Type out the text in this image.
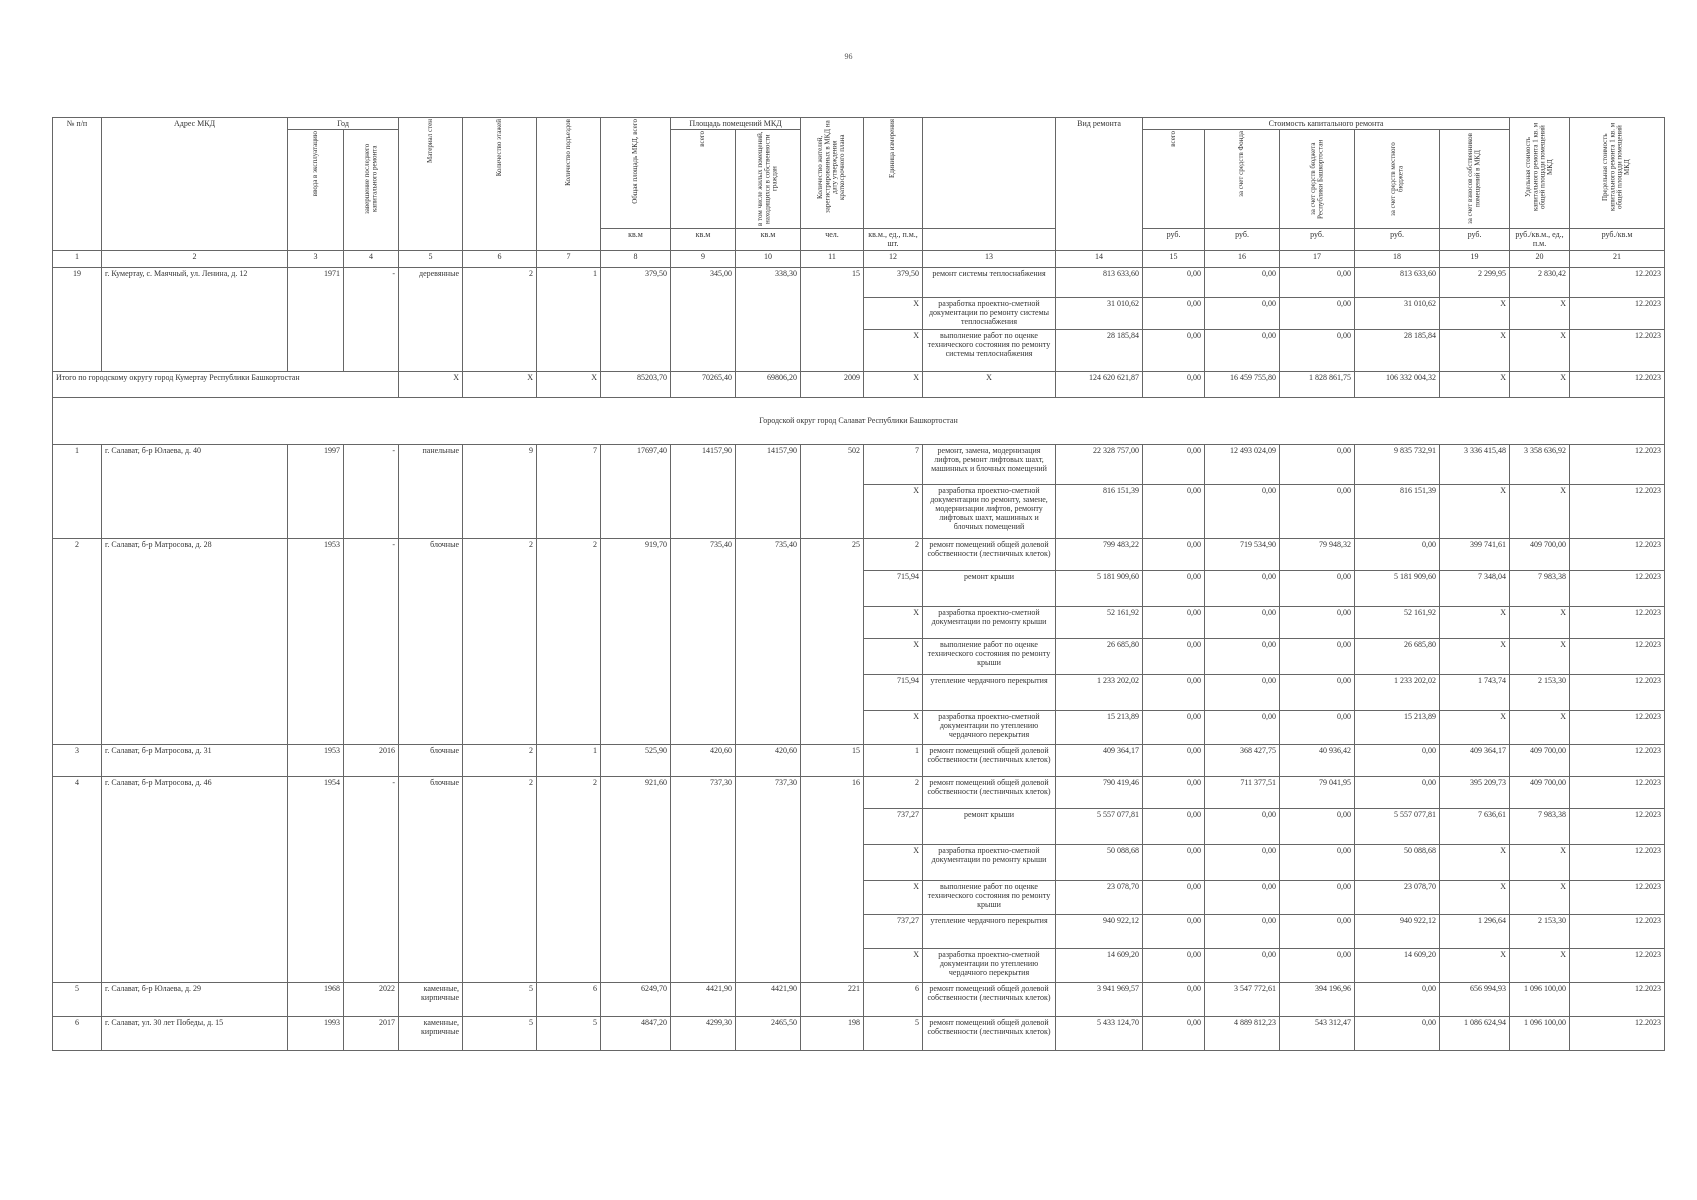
96
№ п/п	Адрес МКД	Год		Материал стен	Количество этажей	Количество подъездов	Общая площадь МКД, всего	Площадь помещений МКД		Количество жителей, зарегистрированных в МКД на дату утверждения краткосрочного плана	Единица измерения		Вид ремонта	Стоимость капитального ремонта					Удельная стоимость капитального ремонта 1 кв. м общей площади помещений МКД	Предельная стоимость капитального ремонта 1 кв. м общей площади помещений МКД

		ввода в эксплуатацию	завершение последнего капитального ремонта					всего	в том числе жилых помещений, находящихся в собственности граждан					всего	за счет средств Фонда	за счет средств бюджета Республики Башкортостан	за счет средств местного бюджета	за счет взносов собственников помещений в МКД			

							кв.м	кв.м	кв.м	чел.	кв.м., ед., п.м., шт.			руб.	руб.	руб.	руб.	руб.	руб./кв.м., ед., п.м.	руб./кв.м	
1	2	3	4	5	6	7	8	9	10	11	12	13	14	15	16	17	18	19	20	21	
19	г. Кумертау, с. Маячный, ул. Ленина, д. 12	1971	-	деревянные	2	1	379,50	345,00	338,30	15	379,50	ремонт системы теплоснабжения	813 633,60	0,00	0,00	0,00	813 633,60	2 299,95	2 830,42	12.2023	
											X	разработка проектно-сметной документации по ремонту системы теплоснабжения	31 010,62	0,00	0,00	0,00	31 010,62	X	X	12.2023	
											X	выполнение работ по оценке технического состояния по ремонту системы теплоснабжения	28 185,84	0,00	0,00	0,00	28 185,84	X	X	12.2023	
Итого по городскому округу город Кумертау Республики Башкортостан				X	X	X	85203,70	70265,40	69806,20	2009	X	X	124 620 621,87	0,00	16 459 755,80	1 828 861,75	106 332 004,32	X	X	12.2023	
Городской округ город Салават Республики Башкортостан																					
1	г. Салават, б-р Юлаева, д. 40	1997	-	панельные	9	7	17697,40	14157,90	14157,90	502	7	ремонт, замена, модернизация лифтов, ремонт лифтовых шахт, машинных и блочных помещений	22 328 757,00	0,00	12 493 024,09	0,00	9 835 732,91	3 336 415,48	3 358 636,92	12.2023	
											X	разработка проектно-сметной документации по ремонту, замене, модернизации лифтов, ремонту лифтовых шахт, машинных и блочных помещений	816 151,39	0,00	0,00	0,00	816 151,39	X	X	12.2023	
2	г. Салават, б-р Матросова, д. 28	1953	-	блочные	2	2	919,70	735,40	735,40	25	2	ремонт помещений общей долевой собственности (лестничных клеток)	799 483,22	0,00	719 534,90	79 948,32	0,00	399 741,61	409 700,00	12.2023	
											715,94	ремонт крыши	5 181 909,60	0,00	0,00	0,00	5 181 909,60	7 348,04	7 983,38	12.2023	
											X	разработка проектно-сметной документации по ремонту крыши	52 161,92	0,00	0,00	0,00	52 161,92	X	X	12.2023	
											X	выполнение работ по оценке технического состояния по ремонту крыши	26 685,80	0,00	0,00	0,00	26 685,80	X	X	12.2023	
											715,94	утепление чердачного перекрытия	1 233 202,02	0,00	0,00	0,00	1 233 202,02	1 743,74	2 153,30	12.2023	
											X	разработка проектно-сметной документации по утеплению чердачного перекрытия	15 213,89	0,00	0,00	0,00	15 213,89	X	X	12.2023	
3	г. Салават, б-р Матросова, д. 31	1953	2016	блочные	2	1	525,90	420,60	420,60	15	1	ремонт помещений общей долевой собственности (лестничных клеток)	409 364,17	0,00	368 427,75	40 936,42	0,00	409 364,17	409 700,00	12.2023	
4	г. Салават, б-р Матросова, д. 46	1954	-	блочные	2	2	921,60	737,30	737,30	16	2	ремонт помещений общей долевой собственности (лестничных клеток)	790 419,46	0,00	711 377,51	79 041,95	0,00	395 209,73	409 700,00	12.2023	
											737,27	ремонт крыши	5 557 077,81	0,00	0,00	0,00	5 557 077,81	7 636,61	7 983,38	12.2023	
											X	разработка проектно-сметной документации по ремонту крыши	50 088,68	0,00	0,00	0,00	50 088,68	X	X	12.2023	
											X	выполнение работ по оценке технического состояния по ремонту крыши	23 078,70	0,00	0,00	0,00	23 078,70	X	X	12.2023	
											737,27	утепление чердачного перекрытия	940 922,12	0,00	0,00	0,00	940 922,12	1 296,64	2 153,30	12.2023	
											X	разработка проектно-сметной документации по утеплению чердачного перекрытия	14 609,20	0,00	0,00	0,00	14 609,20	X	X	12.2023	
5	г. Салават, б-р Юлаева, д. 29	1968	2022	каменные, кирпичные	5	6	6249,70	4421,90	4421,90	221	6	ремонт помещений общей долевой собственности (лестничных клеток)	3 941 969,57	0,00	3 547 772,61	394 196,96	0,00	656 994,93	1 096 100,00	12.2023	
6	г. Салават, ул. 30 лет Победы, д. 15	1993	2017	каменные, кирпичные	5	5	4847,20	4299,30	2465,50	198	5	ремонт помещений общей долевой собственности (лестничных клеток)	5 433 124,70	0,00	4 889 812,23	543 312,47	0,00	1 086 624,94	1 096 100,00	12.2023	
